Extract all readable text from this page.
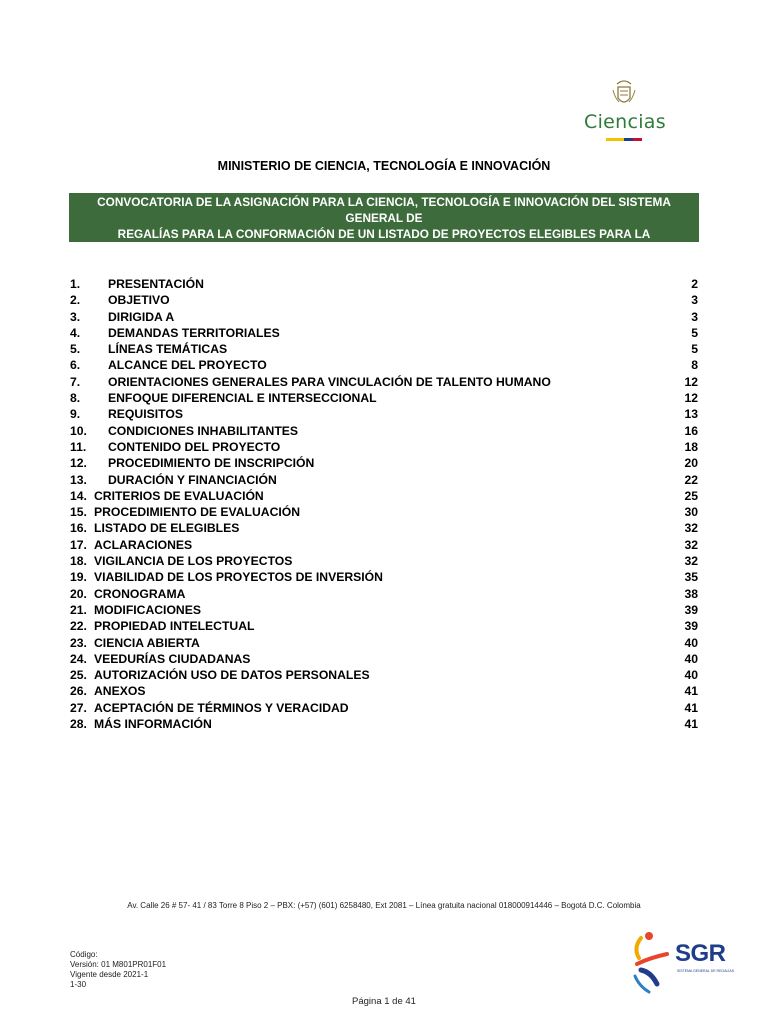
Ciencias
MINISTERIO DE CIENCIA, TECNOLOGÍA E INNOVACIÓN
CONVOCATORIA DE LA ASIGNACIÓN PARA LA CIENCIA, TECNOLOGÍA E INNOVACIÓN DEL SISTEMA GENERAL DE
REGALÍAS PARA LA CONFORMACIÓN DE UN LISTADO DE PROYECTOS ELEGIBLES PARA LA CONVERGENCIA
REGIONAL Y EL ORDENAMIENTO DEL TERRITORIO
1. PRESENTACIÓN	2
2. OBJETIVO	3
3. DIRIGIDA A	3
4. DEMANDAS TERRITORIALES	5
5. LÍNEAS TEMÁTICAS	5
6. ALCANCE DEL PROYECTO	8
7. ORIENTACIONES GENERALES PARA VINCULACIÓN DE TALENTO HUMANO	12
8. ENFOQUE DIFERENCIAL E INTERSECCIONAL	12
9. REQUISITOS	13
10. CONDICIONES INHABILITANTES	16
11. CONTENIDO DEL PROYECTO	18
12. PROCEDIMIENTO DE INSCRIPCIÓN	20
13. DURACIÓN Y FINANCIACIÓN	22
14. CRITERIOS DE EVALUACIÓN	25
15. PROCEDIMIENTO DE EVALUACIÓN	30
16. LISTADO DE ELEGIBLES	32
17. ACLARACIONES	32
18. VIGILANCIA DE LOS PROYECTOS	32
19. VIABILIDAD DE LOS PROYECTOS DE INVERSIÓN	35
20. CRONOGRAMA	38
21. MODIFICACIONES	39
22. PROPIEDAD INTELECTUAL	39
23. CIENCIA ABIERTA	40
24. VEEDURÍAS CIUDADANAS	40
25. AUTORIZACIÓN USO DE DATOS PERSONALES	40
26. ANEXOS	41
27. ACEPTACIÓN DE TÉRMINOS Y VERACIDAD	41
28. MÁS INFORMACIÓN	41
Av. Calle 26 # 57- 41 / 83 Torre 8 Piso 2 – PBX: (+57) (601) 6258480, Ext 2081 – Línea gratuita nacional 018000914446 – Bogotá D.C. Colombia
Código:
Versión: 01 M801PR01F01
Vigente desde 2021-1
1-30
SGR
SISTEMA GENERAL DE REGALÍAS
Página 1 de 41
